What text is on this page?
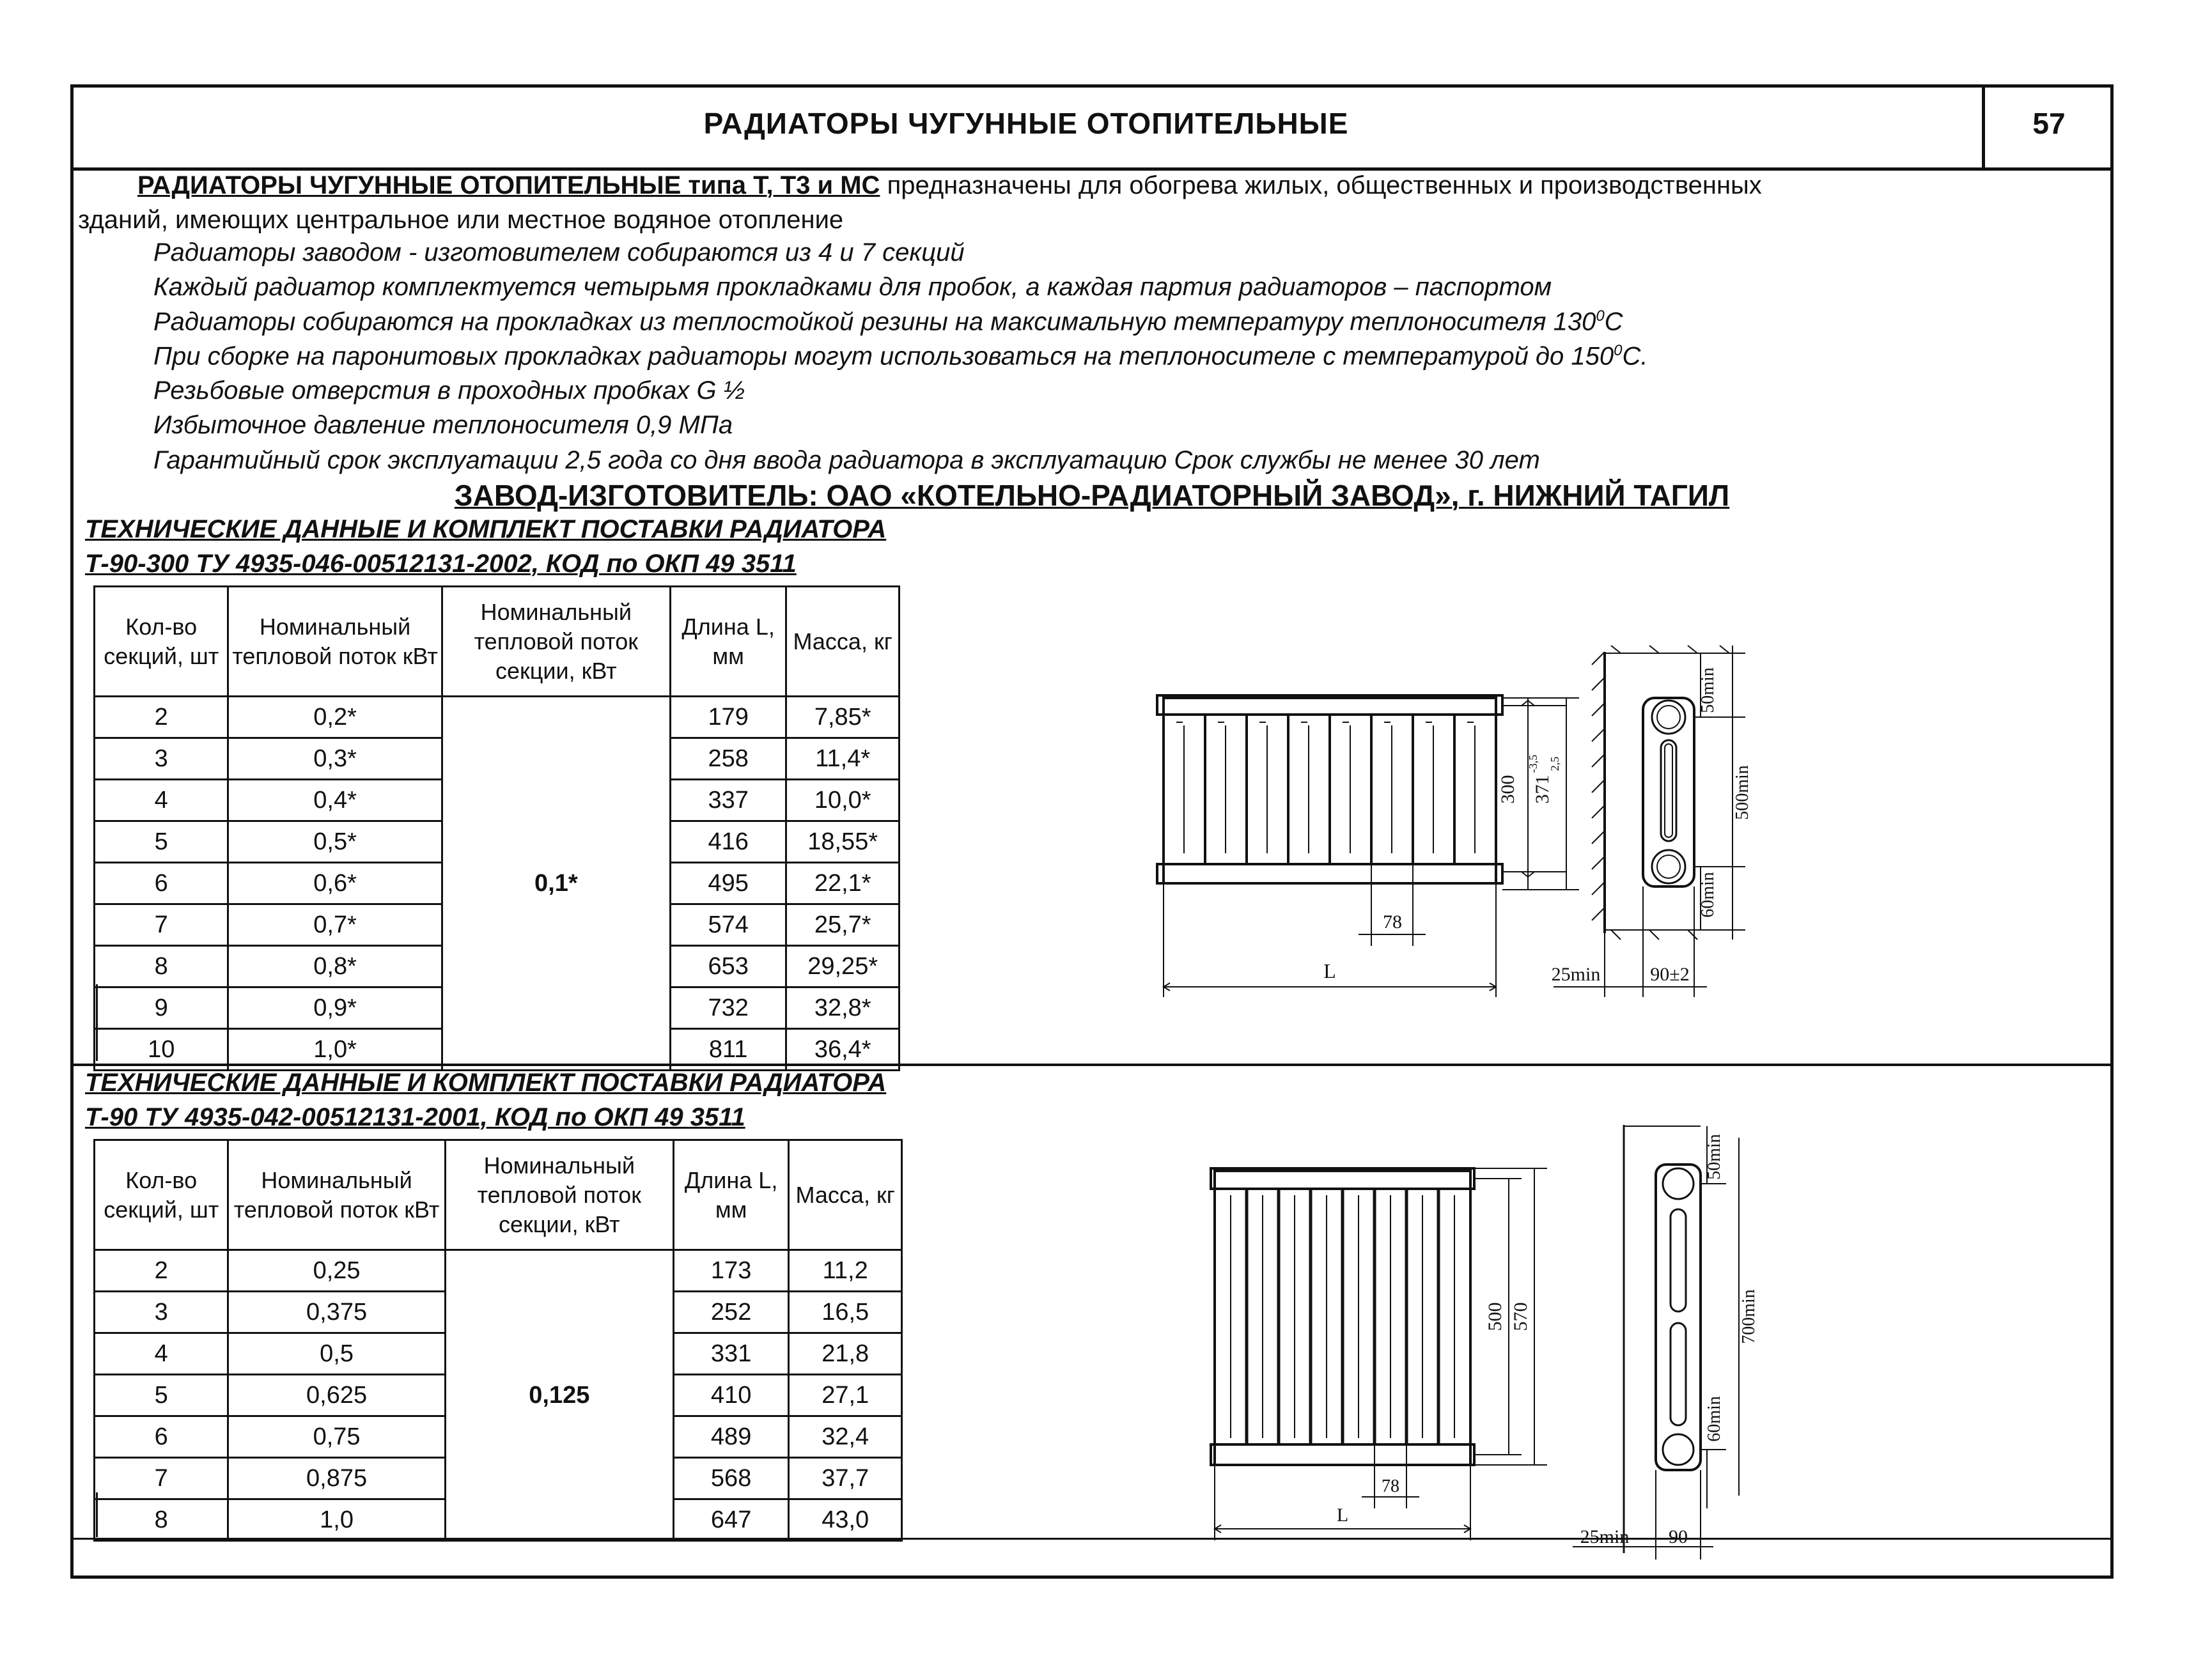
РАДИАТОРЫ ЧУГУННЫЕ ОТОПИТЕЛЬНЫЕ	57
РАДИАТОРЫ ЧУГУННЫЕ ОТОПИТЕЛЬНЫЕ типа Т, Т3 и МС предназначены для обогрева жилых, общественных и производственных
зданий, имеющих центральное или местное водяное отопление
Радиаторы заводом - изготовителем собираются из 4 и 7 секций
Каждый радиатор комплектуется четырьмя прокладками для пробок, а каждая партия радиаторов – паспортом
Радиаторы собираются на прокладках из теплостойкой резины на максимальную температуру теплоносителя $130^0C$
При сборке на паронитовых прокладках радиаторы могут использоваться на теплоносителе с температурой до $150^0C$.
Резьбовые отверстия в проходных пробках G ½
Избыточное давление теплоносителя 0,9 МПа
Гарантийный срок эксплуатации 2,5 года со дня ввода радиатора в эксплуатацию Срок службы не менее 30 лет
ЗАВОД-ИЗГОТОВИТЕЛЬ: ОАО «КОТЕЛЬНО-РАДИАТОРНЫЙ ЗАВОД», г. НИЖНИЙ ТАГИЛ
ТЕХНИЧЕСКИЕ ДАННЫЕ И КОМПЛЕКТ ПОСТАВКИ РАДИАТОРА
Т-90-300 ТУ 4935-046-00512131-2002, КОД по ОКП 49 3511
Кол-во секций, шт	Номинальный тепловой поток кВт	Номинальный тепловой поток секции, кВт	Длина L, мм	Масса, кг
2	0,2*	0,1*	179	7,85*
3	0,3*		258	11,4*
4	0,4*		337	10,0*
5	0,5*		416	18,55*
6	0,6*		495	22,1*
7	0,7*		574	25,7*
8	0,8*		653	29,25*
9	0,9*		732	32,8*
10	1,0*		811	36,4*
ТЕХНИЧЕСКИЕ ДАННЫЕ И КОМПЛЕКТ ПОСТАВКИ РАДИАТОРА
Т-90 ТУ 4935-042-00512131-2001, КОД по ОКП 49 3511
Кол-во секций, шт	Номинальный тепловой поток кВт	Номинальный тепловой поток секции, кВт	Длина L, мм	Масса, кг
2	0,25	0,125	173	11,2
3	0,375		252	16,5
4	0,5		331	21,8
5	0,625		410	27,1
6	0,75		489	32,4
7	0,875		568	37,7
8	1,0		647	43,0
300 371
-3,5 2,5
78
L
50min
500min
60min
25min	90±2
500 570
78
L
50min
700min
60min
25min 90
